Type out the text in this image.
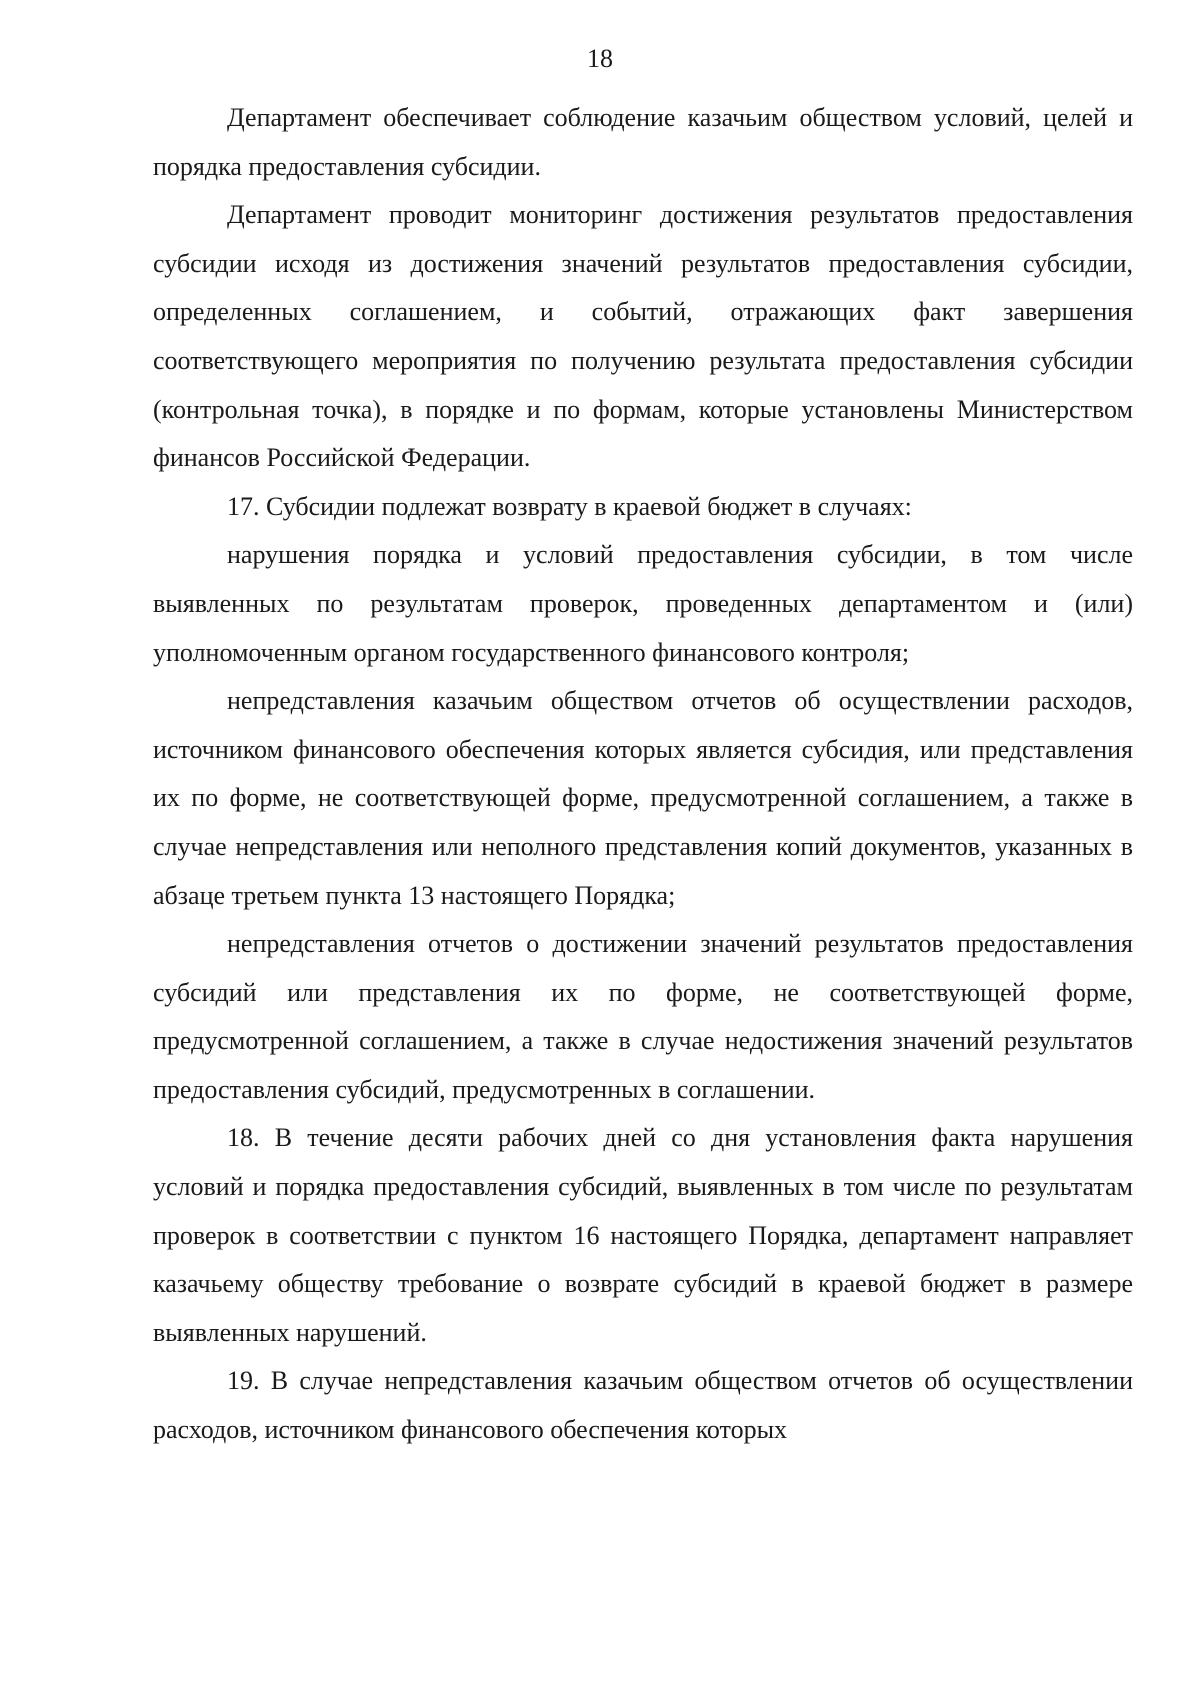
18

Департамент обеспечивает соблюдение казачьим обществом условий, целей и порядка предоставления субсидии.

Департамент проводит мониторинг достижения результатов предоставления субсидии исходя из достижения значений результатов предоставления субсидии, определенных соглашением, и событий, отражающих факт завершения соответствующего мероприятия по получению результата предоставления субсидии (контрольная точка), в порядке и по формам, которые установлены Министерством финансов Российской Федерации.

17. Субсидии подлежат возврату в краевой бюджет в случаях:

нарушения порядка и условий предоставления субсидии, в том числе выявленных по результатам проверок, проведенных департаментом и (или) уполномоченным органом государственного финансового контроля;

непредставления казачьим обществом отчетов об осуществлении расходов, источником финансового обеспечения которых является субсидия, или представления их по форме, не соответствующей форме, предусмотренной соглашением, а также в случае непредставления или неполного представления копий документов, указанных в абзаце третьем пункта 13 настоящего Порядка;

непредставления отчетов о достижении значений результатов предоставления субсидий или представления их по форме, не соответствующей форме, предусмотренной соглашением, а также в случае недостижения значений результатов предоставления субсидий, предусмотренных в соглашении.

18. В течение десяти рабочих дней со дня установления факта нарушения условий и порядка предоставления субсидий, выявленных в том числе по результатам проверок в соответствии с пунктом 16 настоящего Порядка, департамент направляет казачьему обществу требование о возврате субсидий в краевой бюджет в размере выявленных нарушений.

19. В случае непредставления казачьим обществом отчетов об осуществлении расходов, источником финансового обеспечения которых
